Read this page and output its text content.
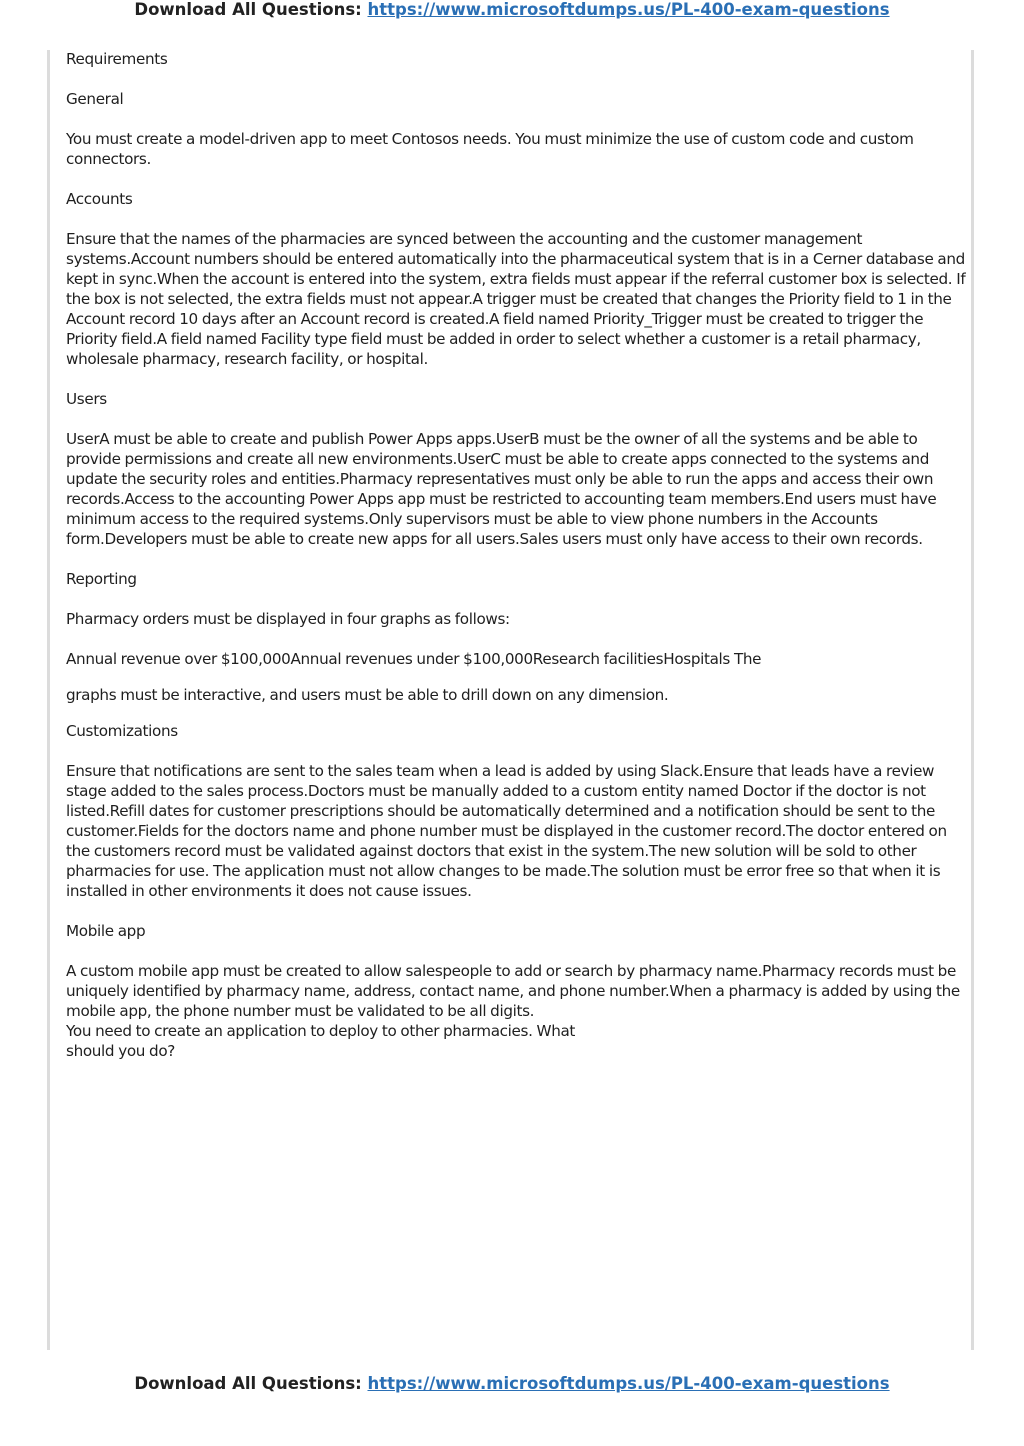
Download All Questions: https://www.microsoftdumps.us/PL-400-exam-questions

Requirements

General

You must create a model-driven app to meet Contosos needs. You must minimize the use of custom code and custom connectors.

Accounts

Ensure that the names of the pharmacies are synced between the accounting and the customer management systems.Account numbers should be entered automatically into the pharmaceutical system that is in a Cerner database and kept in sync.When the account is entered into the system, extra fields must appear if the referral customer box is selected. If the box is not selected, the extra fields must not appear.A trigger must be created that changes the Priority field to 1 in the Account record 10 days after an Account record is created.A field named Priority_Trigger must be created to trigger the Priority field.A field named Facility type field must be added in order to select whether a customer is a retail pharmacy, wholesale pharmacy, research facility, or hospital.

Users

UserA must be able to create and publish Power Apps apps.UserB must be the owner of all the systems and be able to provide permissions and create all new environments.UserC must be able to create apps connected to the systems and update the security roles and entities.Pharmacy representatives must only be able to run the apps and access their own records.Access to the accounting Power Apps app must be restricted to accounting team members.End users must have minimum access to the required systems.Only supervisors must be able to view phone numbers in the Accounts form.Developers must be able to create new apps for all users.Sales users must only have access to their own records.

Reporting

Pharmacy orders must be displayed in four graphs as follows:

Annual revenue over $100,000Annual revenues under $100,000Research facilitiesHospitals The

graphs must be interactive, and users must be able to drill down on any dimension.

Customizations

Ensure that notifications are sent to the sales team when a lead is added by using Slack.Ensure that leads have a review stage added to the sales process.Doctors must be manually added to a custom entity named Doctor if the doctor is not listed.Refill dates for customer prescriptions should be automatically determined and a notification should be sent to the customer.Fields for the doctors name and phone number must be displayed in the customer record.The doctor entered on the customers record must be validated against doctors that exist in the system.The new solution will be sold to other pharmacies for use. The application must not allow changes to be made.The solution must be error free so that when it is installed in other environments it does not cause issues.

Mobile app

A custom mobile app must be created to allow salespeople to add or search by pharmacy name.Pharmacy records must be uniquely identified by pharmacy name, address, contact name, and phone number.When a pharmacy is added by using the mobile app, the phone number must be validated to be all digits.

You need to create an application to deploy to other pharmacies. What

should you do?

Download All Questions: https://www.microsoftdumps.us/PL-400-exam-questions
